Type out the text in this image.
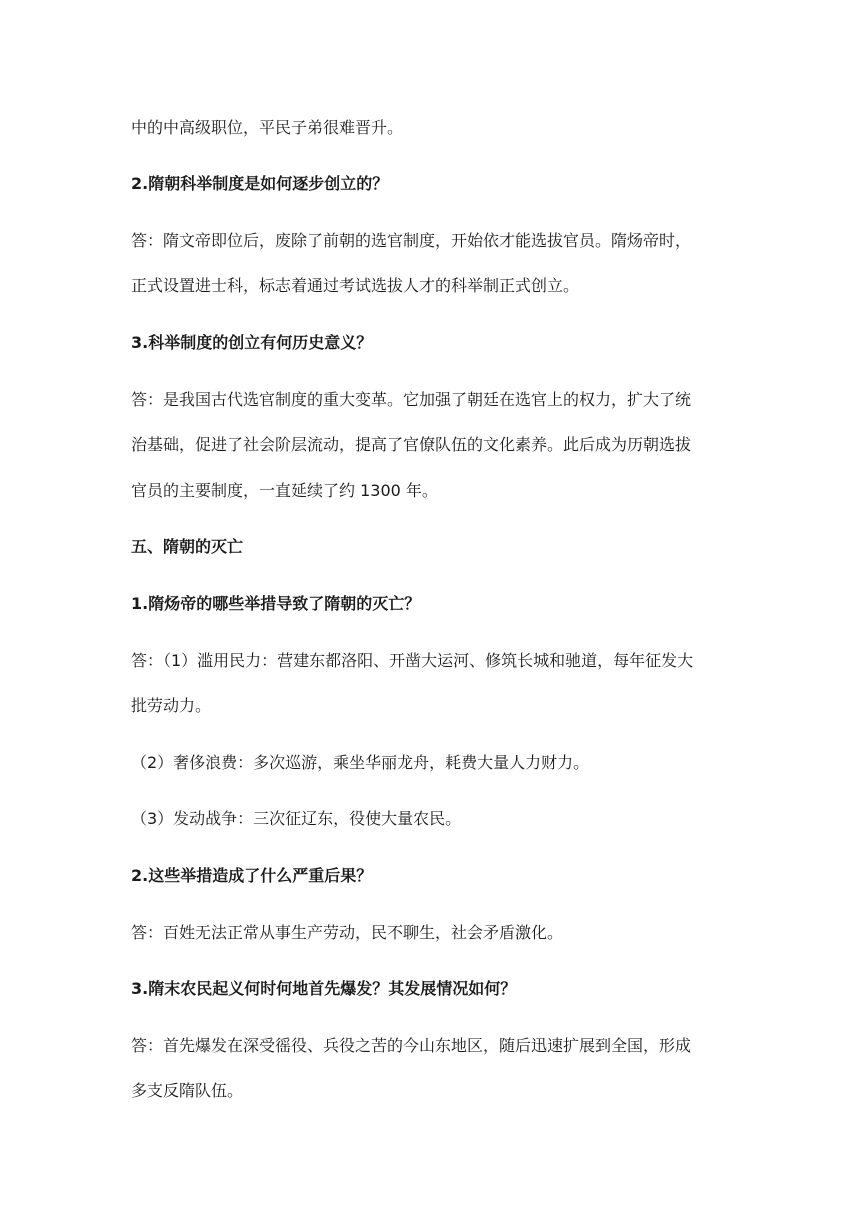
中的中高级职位，平民子弟很难晋升。
2.隋朝科举制度是如何逐步创立的？
答：隋文帝即位后，废除了前朝的选官制度，开始依才能选拔官员。隋炀帝时，
正式设置进士科，标志着通过考试选拔人才的科举制正式创立。
3.科举制度的创立有何历史意义？
答：是我国古代选官制度的重大变革。它加强了朝廷在选官上的权力，扩大了统
治基础，促进了社会阶层流动，提高了官僚队伍的文化素养。此后成为历朝选拔
官员的主要制度，一直延续了约 1300 年。
五、隋朝的灭亡
1.隋炀帝的哪些举措导致了隋朝的灭亡？
答：（1）滥用民力：营建东都洛阳、开凿大运河、修筑长城和驰道，每年征发大
批劳动力。
（2）奢侈浪费：多次巡游，乘坐华丽龙舟，耗费大量人力财力。
（3）发动战争：三次征辽东，役使大量农民。
2.这些举措造成了什么严重后果？
答：百姓无法正常从事生产劳动，民不聊生，社会矛盾激化。
3.隋末农民起义何时何地首先爆发？其发展情况如何？
答：首先爆发在深受徭役、兵役之苦的今山东地区，随后迅速扩展到全国，形成
多支反隋队伍。
